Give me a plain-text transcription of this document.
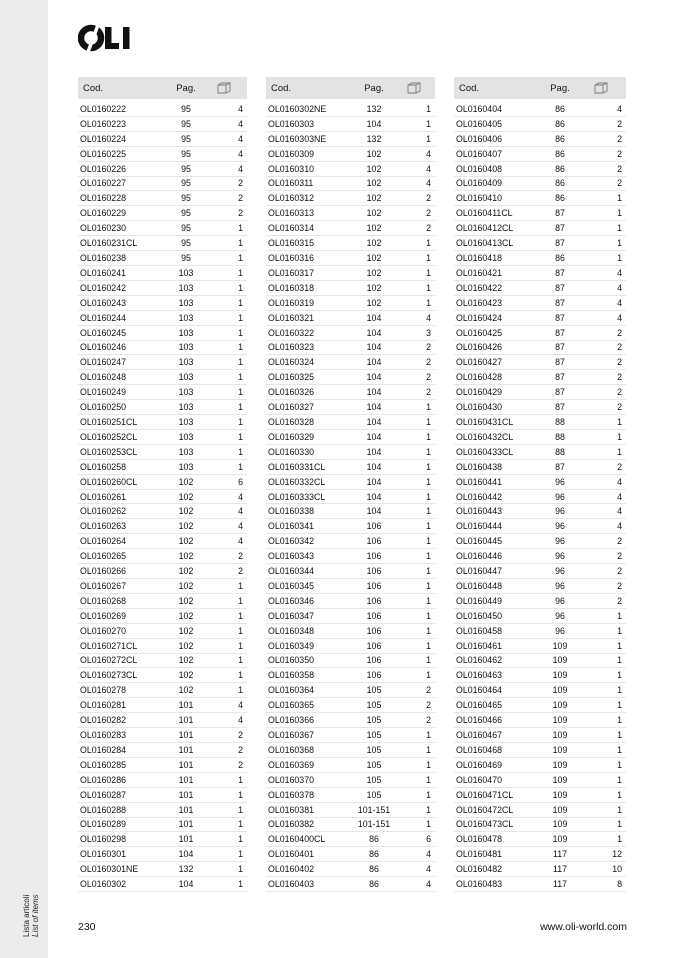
Lista articoli List of items
Cod.	Pag.
OL0160222	95	4
OL0160223	95	4
OL0160224	95	4
OL0160225	95	4
OL0160226	95	4
OL0160227	95	2
OL0160228	95	2
OL0160229	95	2
OL0160230	95	1
OL0160231CL	95	1
OL0160238	95	1
OL0160241	103	1
OL0160242	103	1
OL0160243	103	1
OL0160244	103	1
OL0160245	103	1
OL0160246	103	1
OL0160247	103	1
OL0160248	103	1
OL0160249	103	1
OL0160250	103	1
OL0160251CL	103	1
OL0160252CL	103	1
OL0160253CL	103	1
OL0160258	103	1
OL0160260CL	102	6
OL0160261	102	4
OL0160262	102	4
OL0160263	102	4
OL0160264	102	4
OL0160265	102	2
OL0160266	102	2
OL0160267	102	1
OL0160268	102	1
OL0160269	102	1
OL0160270	102	1
OL0160271CL	102	1
OL0160272CL	102	1
OL0160273CL	102	1
OL0160278	102	1
OL0160281	101	4
OL0160282	101	4
OL0160283	101	2
OL0160284	101	2
OL0160285	101	2
OL0160286	101	1
OL0160287	101	1
OL0160288	101	1
OL0160289	101	1
OL0160298	101	1
OL0160301	104	1
OL0160301NE	132	1
OL0160302	104	1
Cod.	Pag.
OL0160302NE	132	1
OL0160303	104	1
OL0160303NE	132	1
OL0160309	102	4
OL0160310	102	4
OL0160311	102	4
OL0160312	102	2
OL0160313	102	2
OL0160314	102	2
OL0160315	102	1
OL0160316	102	1
OL0160317	102	1
OL0160318	102	1
OL0160319	102	1
OL0160321	104	4
OL0160322	104	3
OL0160323	104	2
OL0160324	104	2
OL0160325	104	2
OL0160326	104	2
OL0160327	104	1
OL0160328	104	1
OL0160329	104	1
OL0160330	104	1
OL0160331CL	104	1
OL0160332CL	104	1
OL0160333CL	104	1
OL0160338	104	1
OL0160341	106	1
OL0160342	106	1
OL0160343	106	1
OL0160344	106	1
OL0160345	106	1
OL0160346	106	1
OL0160347	106	1
OL0160348	106	1
OL0160349	106	1
OL0160350	106	1
OL0160358	106	1
OL0160364	105	2
OL0160365	105	2
OL0160366	105	2
OL0160367	105	1
OL0160368	105	1
OL0160369	105	1
OL0160370	105	1
OL0160378	105	1
OL0160381	101-151	1
OL0160382	101-151	1
OL0160400CL	86	6
OL0160401	86	4
OL0160402	86	4
OL0160403	86	4
Cod.	Pag.
OL0160404	86	4
OL0160405	86	2
OL0160406	86	2
OL0160407	86	2
OL0160408	86	2
OL0160409	86	2
OL0160410	86	1
OL0160411CL	87	1
OL0160412CL	87	1
OL0160413CL	87	1
OL0160418	86	1
OL0160421	87	4
OL0160422	87	4
OL0160423	87	4
OL0160424	87	4
OL0160425	87	2
OL0160426	87	2
OL0160427	87	2
OL0160428	87	2
OL0160429	87	2
OL0160430	87	2
OL0160431CL	88	1
OL0160432CL	88	1
OL0160433CL	88	1
OL0160438	87	2
OL0160441	96	4
OL0160442	96	4
OL0160443	96	4
OL0160444	96	4
OL0160445	96	2
OL0160446	96	2
OL0160447	96	2
OL0160448	96	2
OL0160449	96	2
OL0160450	96	1
OL0160458	96	1
OL0160461	109	1
OL0160462	109	1
OL0160463	109	1
OL0160464	109	1
OL0160465	109	1
OL0160466	109	1
OL0160467	109	1
OL0160468	109	1
OL0160469	109	1
OL0160470	109	1
OL0160471CL	109	1
OL0160472CL	109	1
OL0160473CL	109	1
OL0160478	109	1
OL0160481	117	12
OL0160482	117	10
OL0160483	117	8
230	www.oli-world.com
